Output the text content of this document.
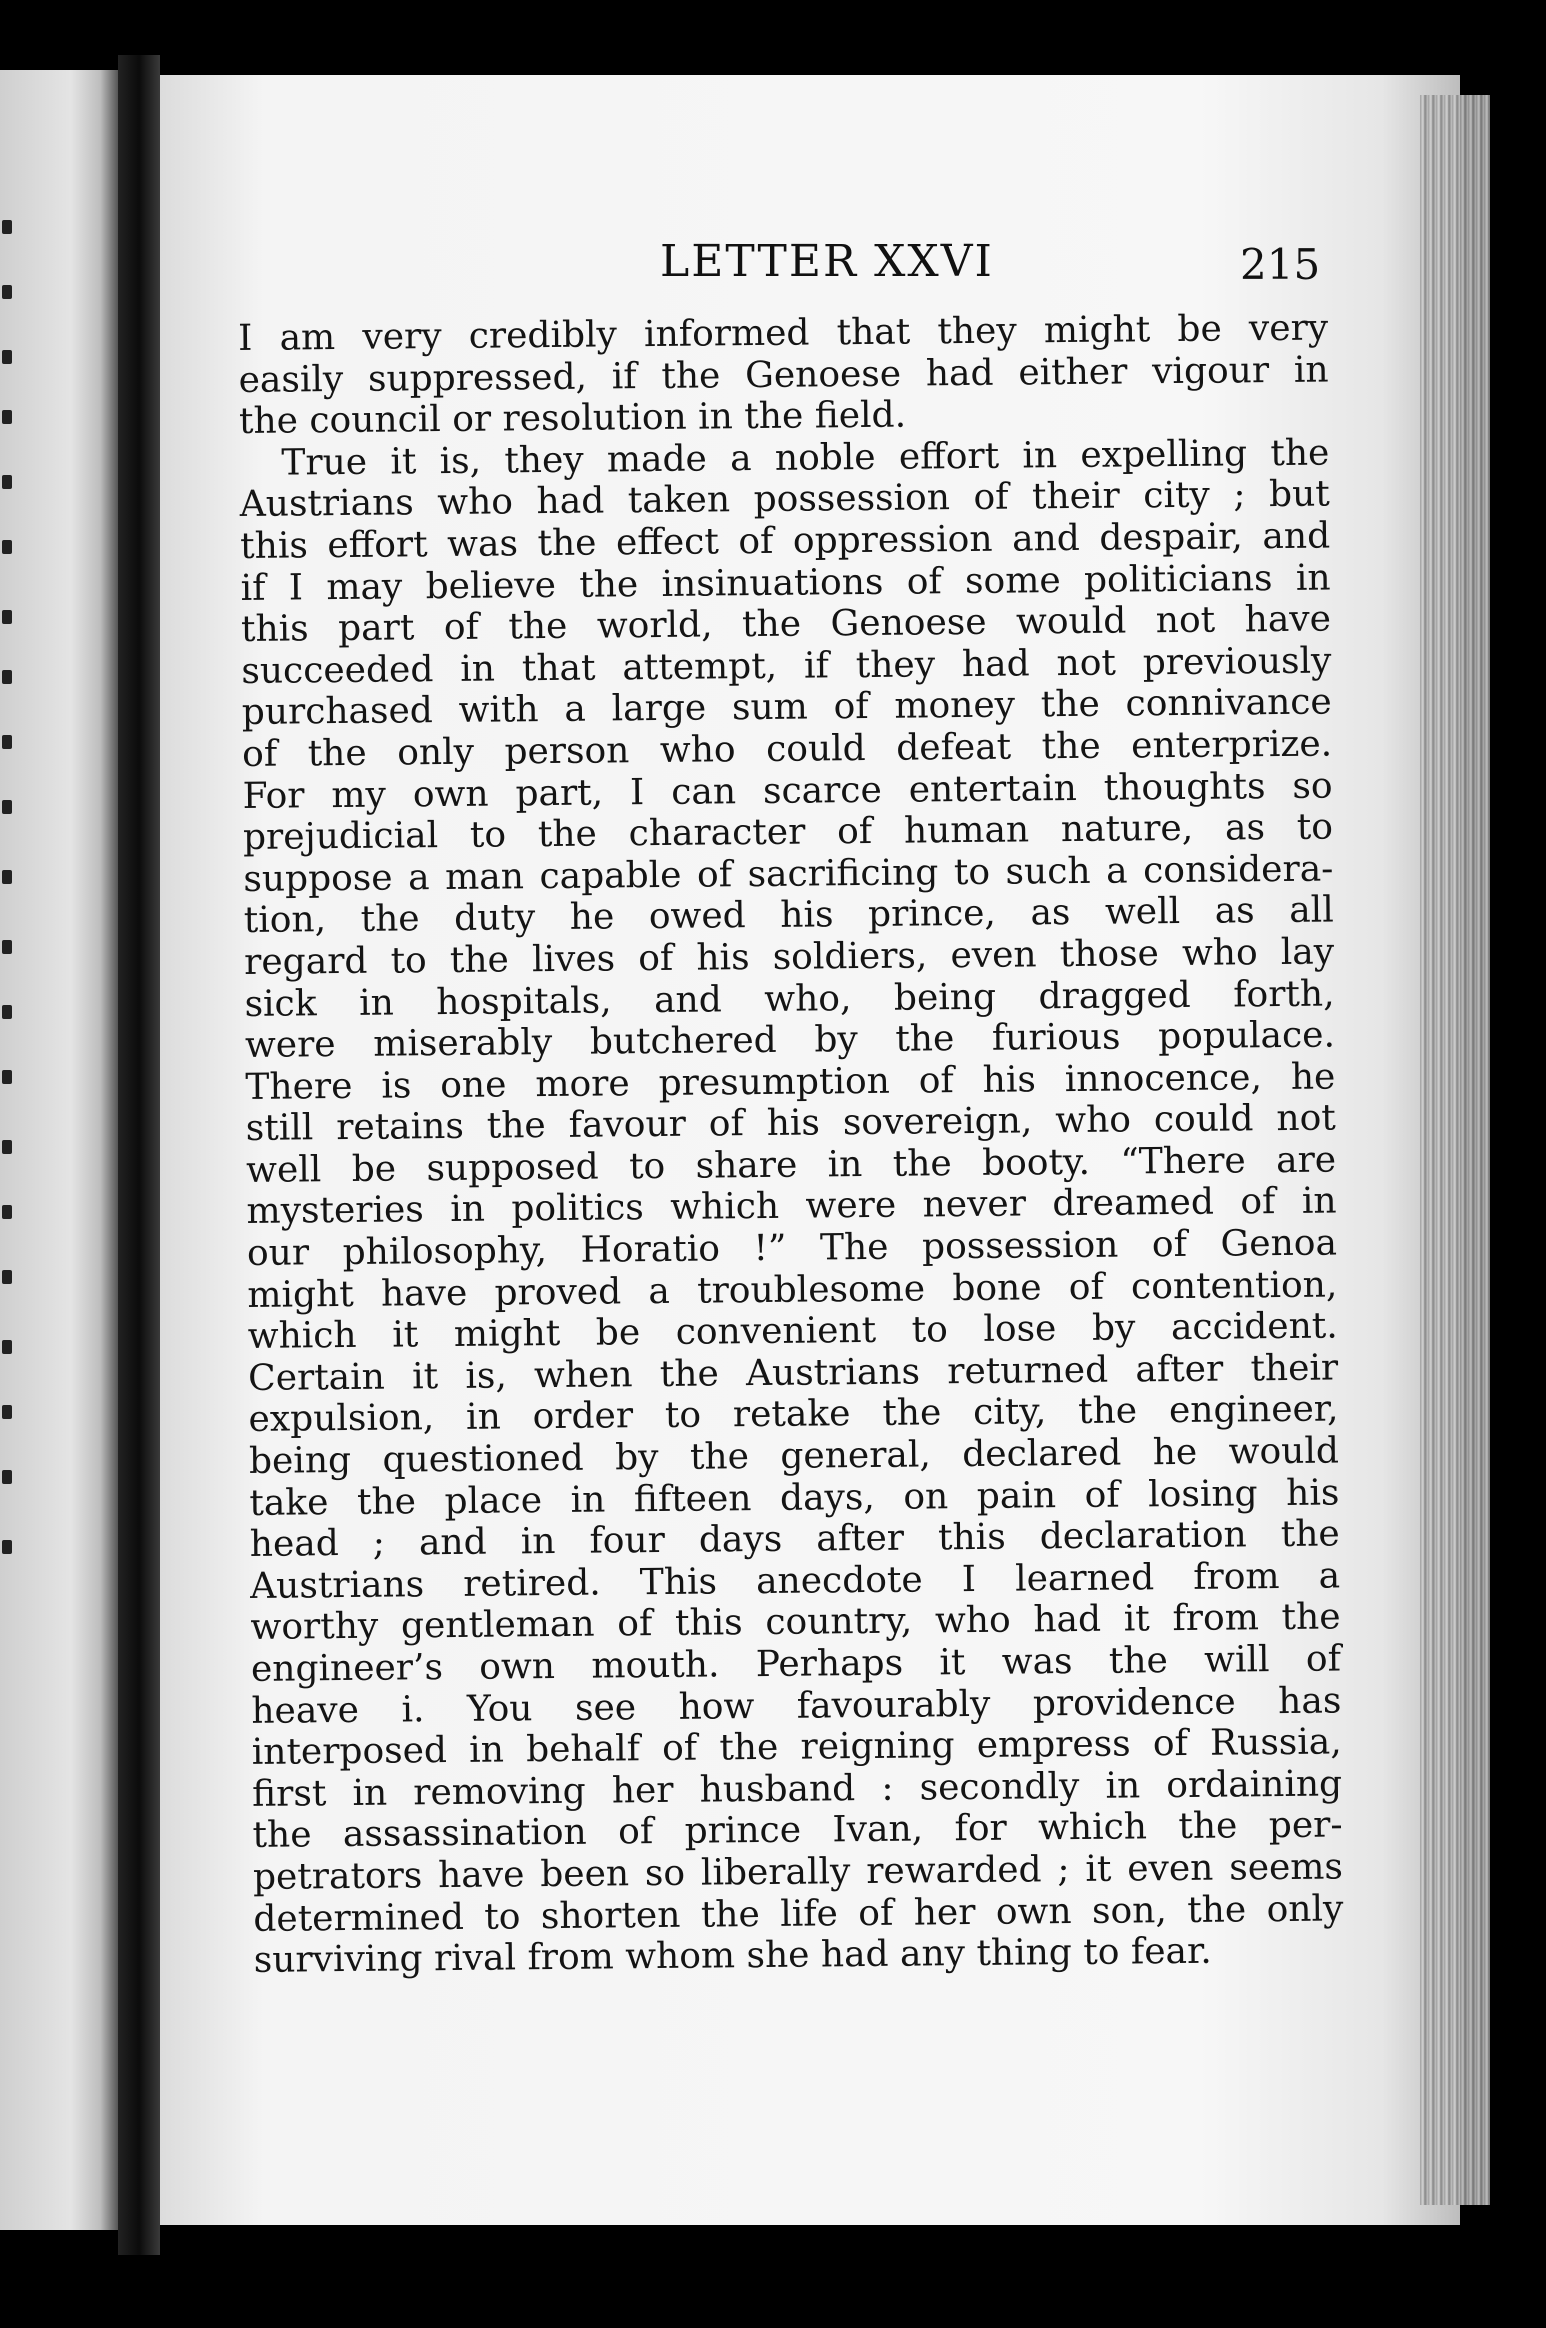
LETTER XXVI	215
I am very credibly informed that they might be very
easily suppressed, if the Genoese had either vigour in
the council or resolution in the field.
True it is, they made a noble effort in expelling the
Austrians who had taken possession of their city ; but
this effort was the effect of oppression and despair, and
if I may believe the insinuations of some politicians in
this part of the world, the Genoese would not have
succeeded in that attempt, if they had not previously
purchased with a large sum of money the connivance
of the only person who could defeat the enterprize.
For my own part, I can scarce entertain thoughts so
prejudicial to the character of human nature, as to
suppose a man capable of sacrificing to such a considera-
tion, the duty he owed his prince, as well as all
regard to the lives of his soldiers, even those who lay
sick in hospitals, and who, being dragged forth,
were miserably butchered by the furious populace.
There is one more presumption of his innocence, he
still retains the favour of his sovereign, who could not
well be supposed to share in the booty. “There are
mysteries in politics which were never dreamed of in
our philosophy, Horatio !” The possession of Genoa
might have proved a troublesome bone of contention,
which it might be convenient to lose by accident.
Certain it is, when the Austrians returned after their
expulsion, in order to retake the city, the engineer,
being questioned by the general, declared he would
take the place in fifteen days, on pain of losing his
head ; and in four days after this declaration the
Austrians retired. This anecdote I learned from a
worthy gentleman of this country, who had it from the
engineer’s own mouth. Perhaps it was the will of
heave i. You see how favourably providence has
interposed in behalf of the reigning empress of Russia,
first in removing her husband : secondly in ordaining
the assassination of prince Ivan, for which the per-
petrators have been so liberally rewarded ; it even seems
determined to shorten the life of her own son, the only
surviving rival from whom she had any thing to fear.
